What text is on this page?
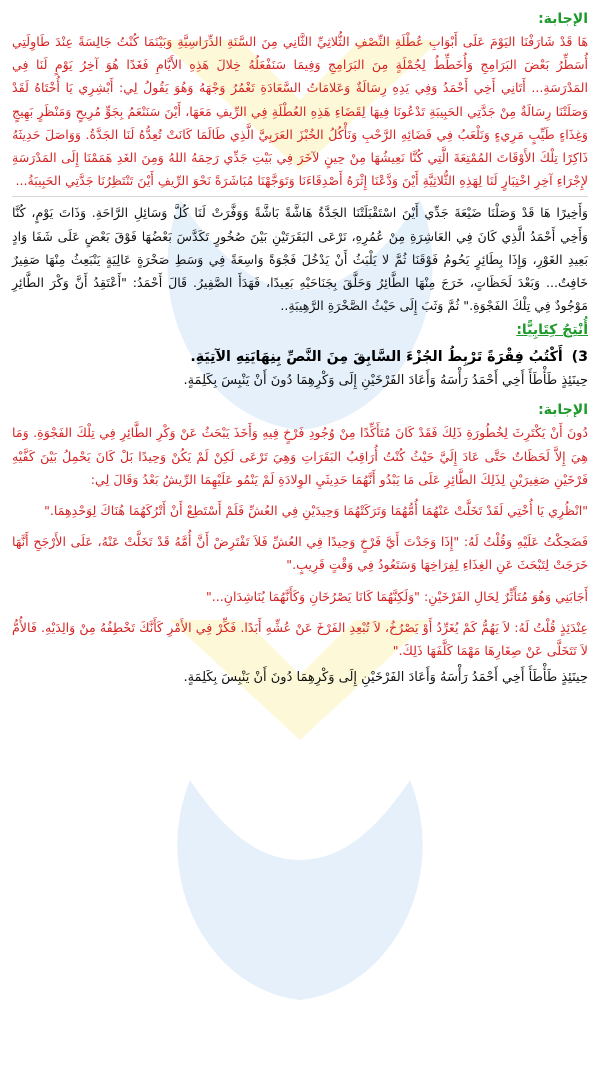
الإجابة:

هَا قَدْ شَارَفْنَا اليَوْمَ عَلَى أَبْوَابِ عُطْلَةِ النِّصْفِ الثُّلاثِيِّ الثَّانِي مِنَ السَّنَةِ الدِّرَاسِيَّةِ وَبَيْنَمَا كُنْتُ جَالِسَةً عِنْدَ طَاوِلَتِي أُسَطِّرُ بَعْضَ البَرَامِجِ وَأُخَطِّطُ لِجُمْلَةٍ مِنَ البَرَامِجِ وَفِيمَا سَنَفْعَلُهُ خِلالَ هَذِهِ الأَيَّامِ فَغَدًا هُوَ آخِرُ يَوْمٍ لَنَا فِي المَدْرَسَةِ... أَتَانِي أَخِي أَحْمَدُ وَفِي يَدِهِ رِسَالَةٌ وَعَلامَاتُ السَّعَادَةِ تَغْمُرُ وَجْهَهُ وَهُوَ يَقُولُ لِي: أَبْشِرِي يَا أُخْتَاهُ لَقَدْ وَصَلَتْنَا رِسَالَةٌ مِنْ جَدَّتِي الحَبِيبَةِ تَدْعُونَا فِيهَا لِقَضَاءِ هَذِهِ العُطْلَةِ فِي الرِّيفِ مَعَهَا، أَيْنَ سَنَنْعَمُ بِجَوٍّ مُرِيحٍ وَمَنْظَرٍ بَهِيجٍ وَغِذَاءٍ طَيِّبٍ مَرِيءٍ وَنَلْعَبُ فِي فَضَائِهِ الرَّحْبِ وَنَأْكُلُ الخُبْزَ العَرَبِيَّ الَّذِي طَالَمَا كَانَتْ تُعِدُّهُ لَنَا الجَدَّةُ. وَوَاصَلَ حَدِيثَهُ ذَاكِرًا تِلْكَ الأَوْقَاتَ المُمْتِعَةَ الَّتِي كُنَّا نَعِيشُهَا مِنْ حِينٍ لآخَرَ فِي بَيْتِ جَدِّي رَحِمَهُ اللهُ وَمِنَ الغَدِ هَمَمْنَا إِلَى المَدْرَسَةِ لإِجْرَاءِ آخِرِ اخْتِبَارٍ لَنَا لِهَذِهِ الثُّلاثِيَّةِ أَيْنَ وَدَّعْنَا إِثْرَهُ أَصْدِقَاءَنَا وَتَوَجَّهْنَا مُبَاشَرَةً نَحْوَ الرِّيفِ أَيْنَ تَنْتَظِرُنَا جَدَّتِي الحَبِيبَةُ...

وَأَخِيرًا هَا قَدْ وَصَلْنَا ضَيْعَةَ جَدِّي أَيْنَ اسْتَقْبَلَتْنَا الجَدَّةُ هَاشَّةً بَاشَّةً وَوَفَّرَتْ لَنَا كُلَّ وَسَائِلِ الرَّاحَةِ. وَذَاتَ يَوْمٍ، كُنَّا وَأَخِي أَحْمَدُ الَّذِي كَانَ فِي العَاشِرَةِ مِنْ عُمُرِهِ، نَرْعَى البَقَرَتَيْنِ بَيْنَ صُخُورٍ تَكَدَّسَ بَعْضُهَا فَوْقَ بَعْضٍ عَلَى شَفَا وَادٍ بَعِيدِ الغَوْرِ، وَإِذَا بِطَائِرٍ يَحُومُ فَوْقَنَا ثُمَّ لا يَلْبَثُ أَنْ يَدْخُلَ فَجْوَةً وَاسِعَةً فِي وَسَطِ صَخْرَةٍ عَالِيَةٍ يَنْبَعِثُ مِنْهَا صَفِيرٌ خَافِتٌ... وَبَعْدَ لَحَظَاتٍ، خَرَجَ مِنْهَا الطَّائِرُ وَحَلَّقَ بِجَنَاحَيْهِ بَعِيدًا، فَهَدَأَ الصَّفِيرُ. قَالَ أَحْمَدُ: "أَعْتَقِدُ أَنَّ وَكْرَ الطَّائِرِ مَوْجُودٌ فِي تِلْكَ الفَجْوَةِ." ثُمَّ وَثَبَ إِلَى حَيْثُ الصَّخْرَةِ الرَّهِيبَةِ..

أُنْتِجُ كِتَابِيًّا:
3) أَكْتُبُ فِقْرَةً تَرْبِطُ الجُزْءَ السَّابِقَ مِنَ النَّصِّ بِنِهَايَتِهِ الآتِيَةِ.
حِينَئِذٍ طَأْطَأَ أَخِي أَحْمَدُ رَأْسَهُ وَأَعَادَ الفَرْخَيْنِ إِلَى وَكْرِهِمَا دُونَ أَنْ يَنْبِسَ بِكَلِمَةٍ.
الإجابة:

دُونَ أَنْ يَكْتَرِثَ لِخُطُورَةِ ذَلِكَ فَقَدْ كَانَ مُتَأَكِّدًا مِنْ وُجُودِ فَرْخٍ فِيهِ وَأَخَذَ يَبْحَثُ عَنْ وَكْرِ الطَّائِرِ فِي تِلْكَ الفَجْوَةِ. وَمَا هِيَ إِلاَّ لَحَظَاتٌ حَتَّى عَادَ إِلَيَّ حَيْثُ كُنْتُ أُرَاقِبُ البَقَرَاتِ وَهِيَ تَرْعَى لَكِنْ لَمْ يَكُنْ وَحِيدًا بَلْ كَانَ يَحْمِلُ بَيْنَ كَفَّيْهِ فَرْخَيْنِ صَغِيرَيْنِ لِذَلِكَ الطَّائِرِ عَلَى مَا يَبْدُو أَنَّهُمَا حَدِيثَيِ الوِلادَةِ لَمْ يَنْمُو عَلَيْهِمَا الرِّيشُ بَعْدُ وَقَالَ لِي:

"انْظُرِي يَا أُخْتِي لَقَدْ تَخَلَّتْ عَنْهُمَا أُمُّهُمَا وَتَرَكَتْهُمَا وَحِيدَيْنِ فِي العُشِّ فَلَمْ أَسْتَطِعْ أَنْ أَتْرُكَهُمَا هُنَاكَ لِوَحْدِهِمَا."

فَضَحِكْتُ عَلَيْهِ وَقُلْتُ لَهُ: "إِذَا وَجَدْتَ أَيَّ فَرْخٍ وَحِيدًا فِي العُشِّ فَلاَ تَفْتَرِضْ أَنَّ أُمَّهُ قَدْ تَخَلَّتْ عَنْهُ، عَلَى الأَرْجَحِ أَنَّهَا خَرَجَتْ لِتَبْحَثَ عَنِ الغِذَاءِ لِفِرَاخِهَا وَسَتَعُودُ فِي وَقْتٍ قَرِيبٍ."

أَجَابَنِي وَهُوَ مُتَأَثِّرٌ لِحَالِ الفَرْخَيْنِ: "وَلَكِنَّهُمَا كَانَا يَصْرُخَانِ وَكَأَنَّهُمَا يُنَاشِدَانِ..."

عِنْدَئِذٍ قُلْتُ لَهُ: لاَ يَهُمُّ كَمْ يُغَرِّدُ أَوْ يَصْرُخُ، لاَ تُبْعِدِ الفَرْخَ عَنْ عُشِّهِ أَبَدًا. فَكِّرْ فِي الأَمْرِ كَأَنَّكَ تَخْطِفُهُ مِنْ وَالِدَيْهِ. فَالأُمُّ لاَ تَتَخَلَّى عَنْ صِغَارِهَا مَهْمَا كَلَّفَهَا ذَلِكَ."

حِينَئِذٍ طَأْطَأَ أَخِي أَحْمَدُ رَأْسَهُ وَأَعَادَ الفَرْخَيْنِ إِلَى وَكْرِهِمَا دُونَ أَنْ يَنْبِسَ بِكَلِمَةٍ.
